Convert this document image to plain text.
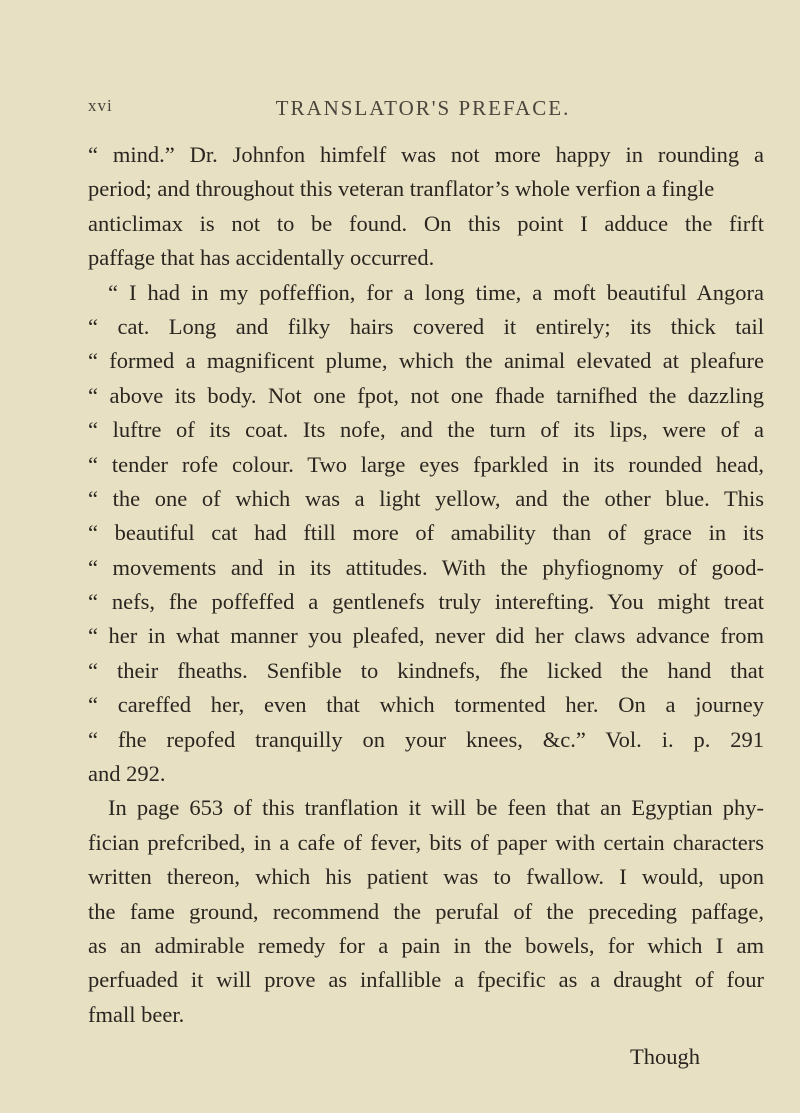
xvi	TRANSLATOR'S PREFACE.
“ mind.” Dr. Johnfon himfelf was not more happy in rounding a
period; and throughout this veteran tranflator’s whole verfion a fingle
anticlimax is not to be found. On this point I adduce the firft
paffage that has accidentally occurred.
“ I had in my poffeffion, for a long time, a moft beautiful Angora
“ cat. Long and filky hairs covered it entirely; its thick tail
“ formed a magnificent plume, which the animal elevated at pleafure
“ above its body. Not one fpot, not one fhade tarnifhed the dazzling
“ luftre of its coat. Its nofe, and the turn of its lips, were of a
“ tender rofe colour. Two large eyes fparkled in its rounded head,
“ the one of which was a light yellow, and the other blue. This
“ beautiful cat had ftill more of amability than of grace in its
“ movements and in its attitudes. With the phyfiognomy of good-
“ nefs, fhe poffeffed a gentlenefs truly interefting. You might treat
“ her in what manner you pleafed, never did her claws advance from
“ their fheaths. Senfible to kindnefs, fhe licked the hand that
“ careffed her, even that which tormented her. On a journey
“ fhe repofed tranquilly on your knees, &c.” Vol. i. p. 291
and 292.
In page 653 of this tranflation it will be feen that an Egyptian phy-
fician prefcribed, in a cafe of fever, bits of paper with certain characters
written thereon, which his patient was to fwallow. I would, upon
the fame ground, recommend the perufal of the preceding paffage,
as an admirable remedy for a pain in the bowels, for which I am
perfuaded it will prove as infallible a fpecific as a draught of four
fmall beer.
Though
